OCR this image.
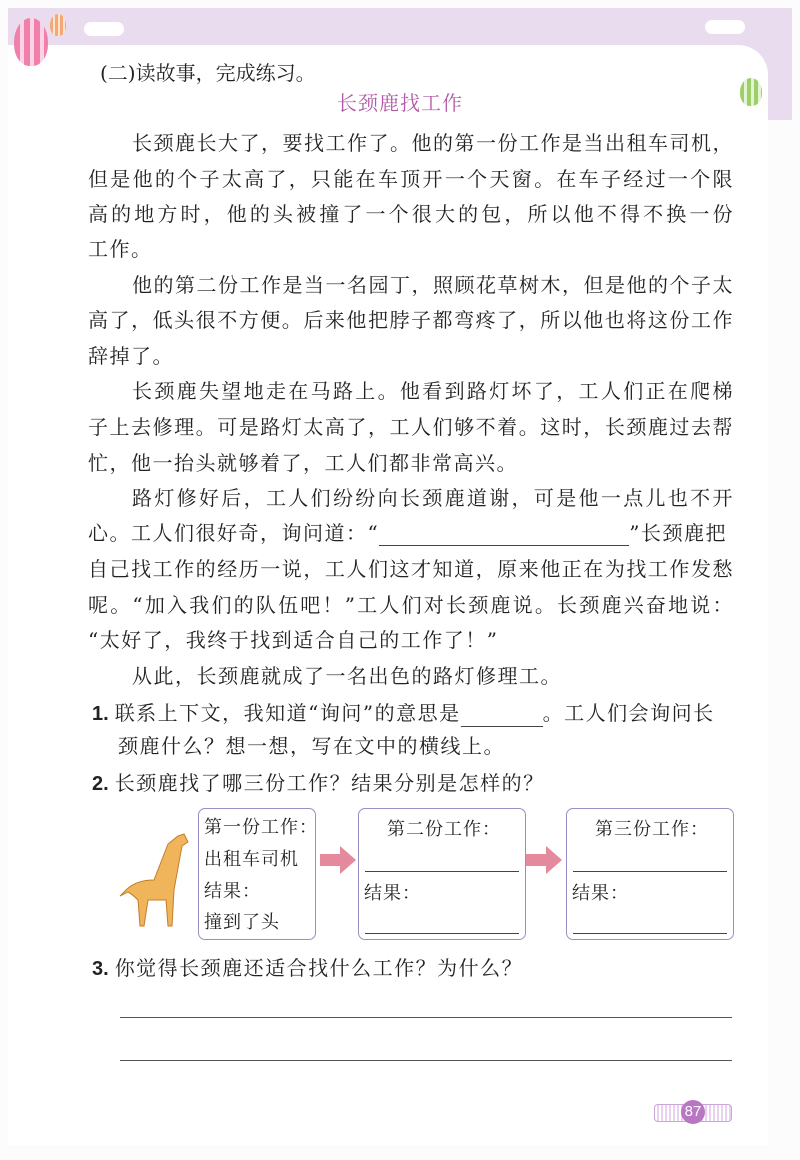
(二)读故事，完成练习。
长颈鹿找工作
长颈鹿长大了，要找工作了。他的第一份工作是当出租车司机，
但是他的个子太高了，只能在车顶开一个天窗。在车子经过一个限
高的地方时，他的头被撞了一个很大的包，所以他不得不换一份
工作。
他的第二份工作是当一名园丁，照顾花草树木，但是他的个子太
高了，低头很不方便。后来他把脖子都弯疼了，所以他也将这份工作
辞掉了。
长颈鹿失望地走在马路上。他看到路灯坏了，工人们正在爬梯
子上去修理。可是路灯太高了，工人们够不着。这时，长颈鹿过去帮
忙，他一抬头就够着了，工人们都非常高兴。
路灯修好后，工人们纷纷向长颈鹿道谢，可是他一点儿也不开
心。工人们很好奇，询问道：“	”长颈鹿把
自己找工作的经历一说，工人们这才知道，原来他正在为找工作发愁
呢。“加入我们的队伍吧！”工人们对长颈鹿说。长颈鹿兴奋地说：
“太好了，我终于找到适合自己的工作了！”
从此，长颈鹿就成了一名出色的路灯修理工。
1. 联系上下文，我知道“询问”的意思是	。工人们会询问长
颈鹿什么？想一想，写在文中的横线上。
2. 长颈鹿找了哪三份工作？结果分别是怎样的？
第一份工作：
出租车司机
结果：
撞到了头
第二份工作：
结果：
第三份工作：
结果：
3. 你觉得长颈鹿还适合找什么工作？为什么？
87
